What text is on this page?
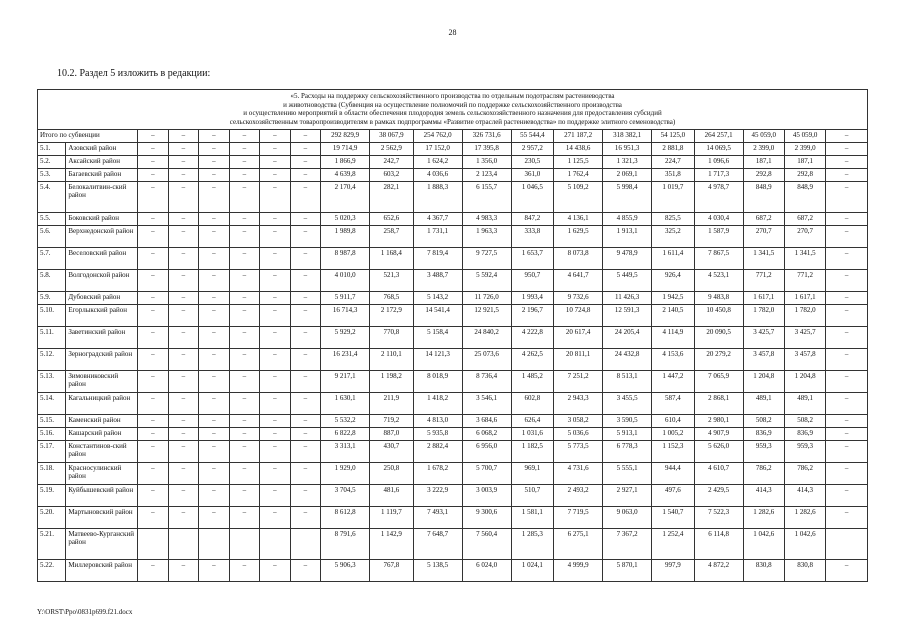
28
10.2. Раздел 5 изложить в редакции:
«5. Расходы на поддержку сельскохозяйственного производства по отдельным подотраслям растениеводства
и животноводства (Субвенция на осуществление полномочий по поддержке сельскохозяйственного производства
и осуществлению мероприятий в области обеспечения плодородия земель сельскохозяйственного назначения для предоставления субсидий
сельскохозяйственным товаропроизводителям в рамках подпрограммы «Развитие отраслей растениеводства» по поддержке элитного семеноводства)																			

Итого по субвенции		–	–	–	–	–	–	292 829,9	38 067,9	254 762,0	326 731,6	55 544,4	271 187,2	318 382,1	54 125,0	264 257,1	45 059,0	45 059,0	–
5.1.	Азовский район	–	–	–	–	–	–	19 714,9	2 562,9	17 152,0	17 395,8	2 957,2	14 438,6	16 951,3	2 881,8	14 069,5	2 399,0	2 399,0	–
5.2.	Аксайский район	–	–	–	–	–	–	1 866,9	242,7	1 624,2	1 356,0	230,5	1 125,5	1 321,3	224,7	1 096,6	187,1	187,1	–
5.3.	Багаевский район	–	–	–	–	–	–	4 639,8	603,2	4 036,6	2 123,4	361,0	1 762,4	2 069,1	351,8	1 717,3	292,8	292,8	–
5.4.	Белокалитвин-ский район	–	–	–	–	–	–	2 170,4	282,1	1 888,3	6 155,7	1 046,5	5 109,2	5 998,4	1 019,7	4 978,7	848,9	848,9	–
5.5.	Боковский район	–	–	–	–	–	–	5 020,3	652,6	4 367,7	4 983,3	847,2	4 136,1	4 855,9	825,5	4 030,4	687,2	687,2	–
5.6.	Верхнедонской район	–	–	–	–	–	–	1 989,8	258,7	1 731,1	1 963,3	333,8	1 629,5	1 913,1	325,2	1 587,9	270,7	270,7	–
5.7.	Веселовский район	–	–	–	–	–	–	8 987,8	1 168,4	7 819,4	9 727,5	1 653,7	8 073,8	9 478,9	1 611,4	7 867,5	1 341,5	1 341,5	–
5.8.	Волгодонской район	–	–	–	–	–	–	4 010,0	521,3	3 488,7	5 592,4	950,7	4 641,7	5 449,5	926,4	4 523,1	771,2	771,2	–
5.9.	Дубовский район	–	–	–	–	–	–	5 911,7	768,5	5 143,2	11 726,0	1 993,4	9 732,6	11 426,3	1 942,5	9 483,8	1 617,1	1 617,1	–
5.10.	Егорлыкский район	–	–	–	–	–	–	16 714,3	2 172,9	14 541,4	12 921,5	2 196,7	10 724,8	12 591,3	2 140,5	10 450,8	1 782,0	1 782,0	–
5.11.	Заветинский район	–	–	–	–	–	–	5 929,2	770,8	5 158,4	24 840,2	4 222,8	20 617,4	24 205,4	4 114,9	20 090,5	3 425,7	3 425,7	–
5.12.	Зерноградский район	–	–	–	–	–	–	16 231,4	2 110,1	14 121,3	25 073,6	4 262,5	20 811,1	24 432,8	4 153,6	20 279,2	3 457,8	3 457,8	–
5.13.	Зимовниковский район	–	–	–	–	–	–	9 217,1	1 198,2	8 018,9	8 736,4	1 485,2	7 251,2	8 513,1	1 447,2	7 065,9	1 204,8	1 204,8	–
5.14.	Кагальницкий район	–	–	–	–	–	–	1 630,1	211,9	1 418,2	3 546,1	602,8	2 943,3	3 455,5	587,4	2 868,1	489,1	489,1	–
5.15.	Каменский район	–	–	–	–	–	–	5 532,2	719,2	4 813,0	3 684,6	626,4	3 058,2	3 590,5	610,4	2 980,1	508,2	508,2	–
5.16.	Кашарский район	–	–	–	–	–	–	6 822,8	887,0	5 935,8	6 068,2	1 031,6	5 036,6	5 913,1	1 005,2	4 907,9	836,9	836,9	–
5.17.	Константинов-ский район	–	–	–	–	–	–	3 313,1	430,7	2 882,4	6 956,0	1 182,5	5 773,5	6 778,3	1 152,3	5 626,0	959,3	959,3	–
5.18.	Красносулинский район	–	–	–	–	–	–	1 929,0	250,8	1 678,2	5 700,7	969,1	4 731,6	5 555,1	944,4	4 610,7	786,2	786,2	–
5.19.	Куйбышевский район	–	–	–	–	–	–	3 704,5	481,6	3 222,9	3 003,9	510,7	2 493,2	2 927,1	497,6	2 429,5	414,3	414,3	–
5.20.	Мартыновский район	–	–	–	–	–	–	8 612,8	1 119,7	7 493,1	9 300,6	1 581,1	7 719,5	9 063,0	1 540,7	7 522,3	1 282,6	1 282,6	–
5.21.	Матвеево-Курганский район							8 791,6	1 142,9	7 648,7	7 560,4	1 285,3	6 275,1	7 367,2	1 252,4	6 114,8	1 042,6	1 042,6	
5.22.	Миллеровский район	–	–	–	–	–	–	5 906,3	767,8	5 138,5	6 024,0	1 024,1	4 999,9	5 870,1	997,9	4 872,2	830,8	830,8	–
Y:\ORST\Ppo\0831p699.f21.docx
